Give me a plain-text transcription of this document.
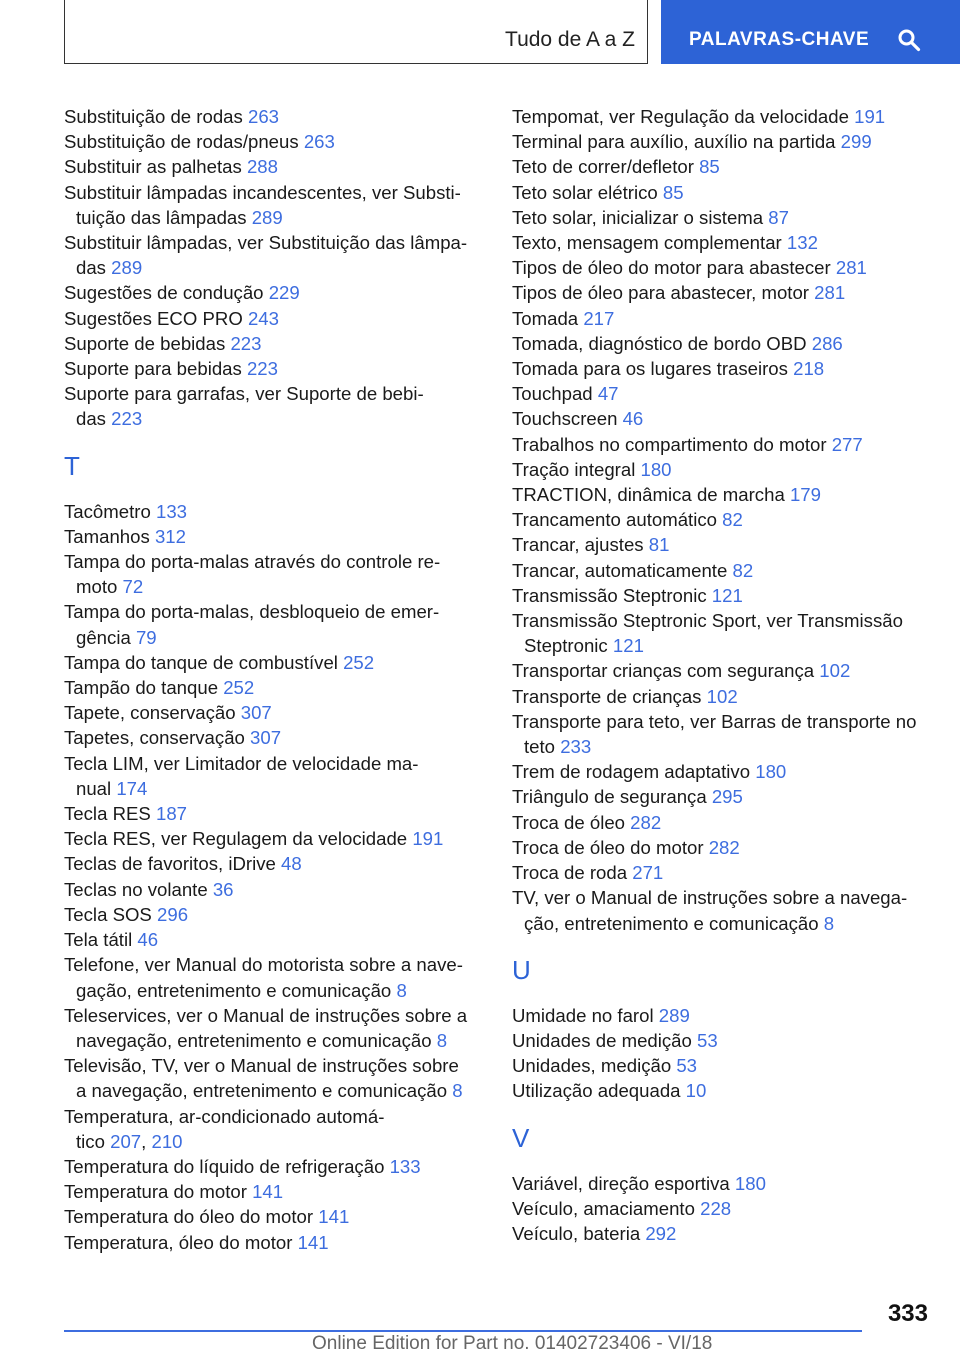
Tudo de A a Z	PALAVRAS-CHAVE
Substituição de rodas 263
Substituição de rodas/pneus 263
Substituir as palhetas 288
Substituir lâmpadas incandescentes, ver Substi-
tuição das lâmpadas 289
Substituir lâmpadas, ver Substituição das lâmpa-
das 289
Sugestões de condução 229
Sugestões ECO PRO 243
Suporte de bebidas 223
Suporte para bebidas 223
Suporte para garrafas, ver Suporte de bebi-
das 223
T
Tacômetro 133
Tamanhos 312
Tampa do porta-malas através do controle re-
moto 72
Tampa do porta-malas, desbloqueio de emer-
gência 79
Tampa do tanque de combustível 252
Tampão do tanque 252
Tapete, conservação 307
Tapetes, conservação 307
Tecla LIM, ver Limitador de velocidade ma-
nual 174
Tecla RES 187
Tecla RES, ver Regulagem da velocidade 191
Teclas de favoritos, iDrive 48
Teclas no volante 36
Tecla SOS 296
Tela tátil 46
Telefone, ver Manual do motorista sobre a nave-
gação, entretenimento e comunicação 8
Teleservices, ver o Manual de instruções sobre a
navegação, entretenimento e comunicação 8
Televisão, TV, ver o Manual de instruções sobre
a navegação, entretenimento e comunicação 8
Temperatura, ar-condicionado automá-
tico 207, 210
Temperatura do líquido de refrigeração 133
Temperatura do motor 141
Temperatura do óleo do motor 141
Temperatura, óleo do motor 141
Tempomat, ver Regulação da velocidade 191
Terminal para auxílio, auxílio na partida 299
Teto de correr/defletor 85
Teto solar elétrico 85
Teto solar, inicializar o sistema 87
Texto, mensagem complementar 132
Tipos de óleo do motor para abastecer 281
Tipos de óleo para abastecer, motor 281
Tomada 217
Tomada, diagnóstico de bordo OBD 286
Tomada para os lugares traseiros 218
Touchpad 47
Touchscreen 46
Trabalhos no compartimento do motor 277
Tração integral 180
TRACTION, dinâmica de marcha 179
Trancamento automático 82
Trancar, ajustes 81
Trancar, automaticamente 82
Transmissão Steptronic 121
Transmissão Steptronic Sport, ver Transmissão
Steptronic 121
Transportar crianças com segurança 102
Transporte de crianças 102
Transporte para teto, ver Barras de transporte no
teto 233
Trem de rodagem adaptativo 180
Triângulo de segurança 295
Troca de óleo 282
Troca de óleo do motor 282
Troca de roda 271
TV, ver o Manual de instruções sobre a navega-
ção, entretenimento e comunicação 8
U
Umidade no farol 289
Unidades de medição 53
Unidades, medição 53
Utilização adequada 10
V
Variável, direção esportiva 180
Veículo, amaciamento 228
Veículo, bateria 292
333
Online Edition for Part no. 01402723406 - VI/18
